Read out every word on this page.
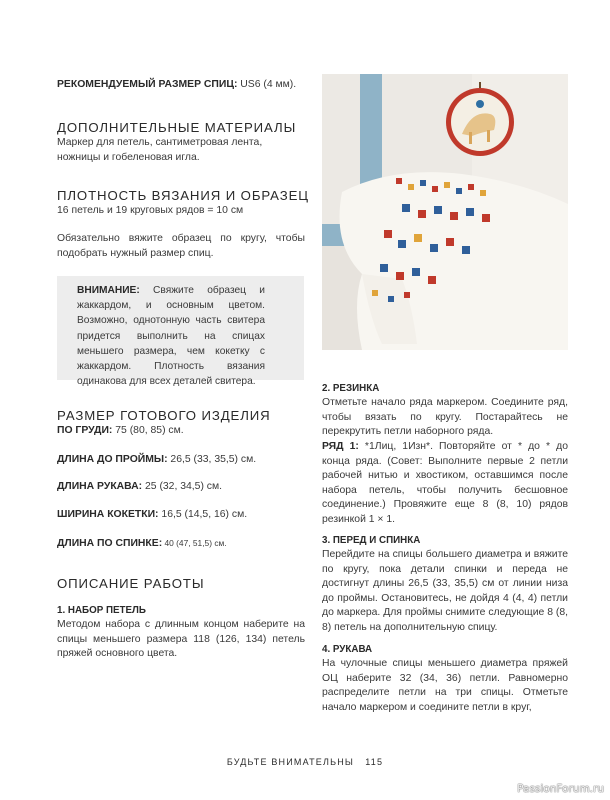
РЕКОМЕНДУЕМЫЙ РАЗМЕР СПИЦ: US6 (4 мм).
ДОПОЛНИТЕЛЬНЫЕ МАТЕРИАЛЫ
Маркер для петель, сантиметровая лента, ножницы и гобеленовая игла.
ПЛОТНОСТЬ ВЯЗАНИЯ И ОБРАЗЕЦ
16 петель и 19 круговых рядов = 10 см
Обязательно вяжите образец по кругу, чтобы подобрать нужный размер спиц.
ВНИМАНИЕ: Свяжите образец и жаккардом, и основным цветом. Возможно, однотонную часть свитера придется выполнить на спицах меньшего размера, чем кокетку с жаккардом. Плотность вязания одинакова для всех деталей свитера.
РАЗМЕР ГОТОВОГО ИЗДЕЛИЯ
ПО ГРУДИ: 75 (80, 85) см.
ДЛИНА ДО ПРОЙМЫ: 26,5 (33, 35,5) см.
ДЛИНА РУКАВА: 25 (32, 34,5) см.
ШИРИНА КОКЕТКИ: 16,5 (14,5, 16) см.
ДЛИНА ПО СПИНКЕ: 40 (47, 51,5) см.
ОПИСАНИЕ РАБОТЫ
1. НАБОР ПЕТЕЛЬ
Методом набора с длинным концом наберите на спицы меньшего размера 118 (126, 134) петель пряжей основного цвета.
2. РЕЗИНКА
Отметьте начало ряда маркером. Соедините ряд, чтобы вязать по кругу. Постарайтесь не перекрутить петли наборного ряда.
РЯД 1: *1Лиц, 1Изн*. Повторяйте от * до * до конца ряда. (Совет: Выполните первые 2 петли рабочей нитью и хвостиком, оставшимся после набора петель, чтобы получить бесшовное соединение.) Провяжите еще 8 (8, 10) рядов резинкой 1 × 1.
3. ПЕРЕД И СПИНКА
Перейдите на спицы большего диаметра и вяжите по кругу, пока детали спинки и переда не достигнут длины 26,5 (33, 35,5) см от линии низа до проймы. Остановитесь, не дойдя 4 (4, 4) петли до маркера. Для проймы снимите следующие 8 (8, 8) петель на дополнительную спицу.
4. РУКАВА
На чулочные спицы меньшего диаметра пряжей ОЦ наберите 32 (34, 36) петли. Равномерно распределите петли на три спицы. Отметьте начало маркером и соедините петли в круг,
БУДЬТЕ ВНИМАТЕЛЬНЫ 115
PassionForum.ru
